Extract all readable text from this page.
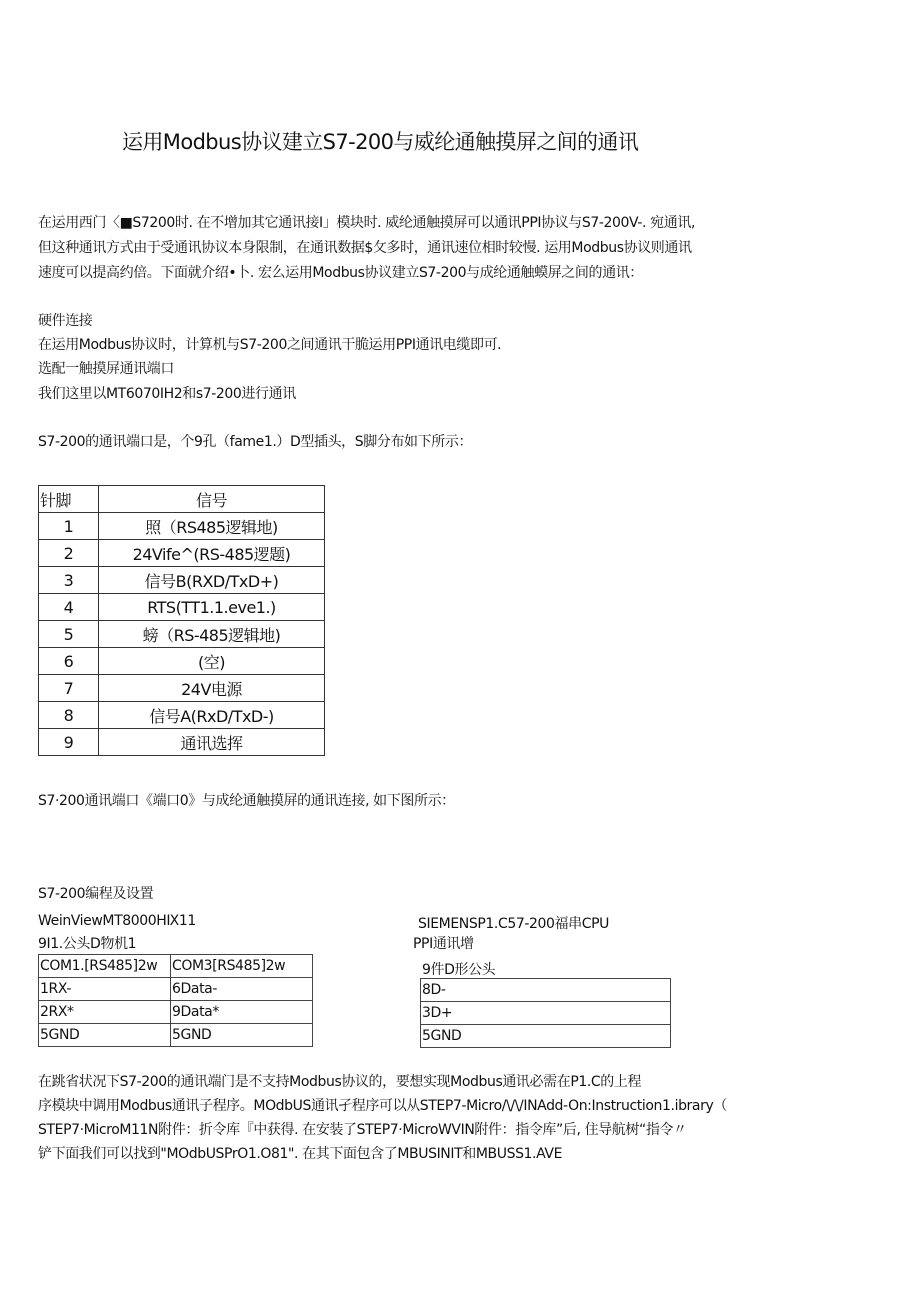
运用Modbus协议建立S7-200与威纶通触摸屏之间的通讯
在运用西门〈■S7200时. 在不增加其它通讯接I」模块时. 威纶通触摸屏可以通讯PPI协议与S7-200V-. 宛通讯,
但这种通讯方式由于受通讯协议本身限制，在通讯数据$攵多时，通讯速位相时较慢. 运用Modbus协议则通讯
速度可以提高约倍。下面就介绍•卜. 宏么运用Modbus协议建立S7-200与成纶通触蟆屏之间的通讯：
硬件连接
在运用Modbus协议时，计算机与S7-200之间通讯干脆运用PPI通讯电缆即可.
选配一触摸屏通讯端口
我们这里以MT6070IH2和s7-200进行通讯
S7-200的通讯端口是，个9孔（fame1.）D型插头，S脚分布如下所示：
针脚	信号
1	照（RS485逻辑地)
2	24Vife^(RS-485逻题)
3	信号B(RXD/TxD+)
4	RTS(TT1.1.eve1.)
5	螃（RS-485逻辑地)
6	(空)
7	24V电源
8	信号A(RxD/TxD-)
9	通讯选挥
S7·200通讯端口《端口0》与成纶通触摸屏的通讯连接, 如下图所示：
S7-200编程及设置
WeinViewMT8000HⅨ11
9I1.公头D物机1
SIEMENSP1.C57-200福串CPU
PPI通讯增
9件D形公头
COM1.[RS485]2w	COM3[RS485]2w
1RX-	6Data-
2RX*	9Data*
5GND	5GND
8D-
3D+
5GND
在跳省状况下S7-200的通讯端门是不支持Modbus协议的，要想实现Modbus通讯必需在P1.C的上程
序模块中调用Modbus通讯子程序。MOdbUS通讯孑程序可以从STEP7-Micro/\/\/INAdd-On:Instruction1.ibrary（
STEP7·MicroM11N附件：折令库『中获得. 在安装了STEP7·MicroWVIN附件：指令库”后, 住导航树“指令〃
铲下面我们可以找到"MOdbUSPrO1.O81". 在其下面包含了MBUSINIT和MBUSS1.AVE
